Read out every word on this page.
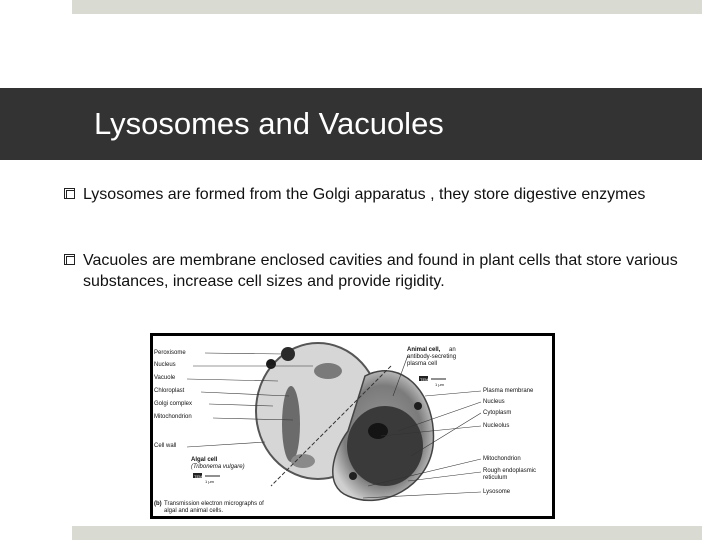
Lysosomes and Vacuoles
Lysosomes are formed from the Golgi apparatus , they store digestive enzymes
Vacuoles are membrane enclosed cavities and found in plant cells that store various substances, increase cell sizes and provide rigidity.
Peroxisome
Nucleus
Vacuole
Chloroplast
Golgi complex
Mitochondrion
Cell wall
Algal cell
(Tribonema vulgare)
TEM
1 μm
Animal cell, an
antibody-secreting
plasma cell
TEM
1 μm
Plasma membrane
Nucleus
Cytoplasm
Nucleolus
Mitochondrion
Rough endoplasmic
reticulum
Lysosome
(b) Transmission electron micrographs of
algal and animal cells.
